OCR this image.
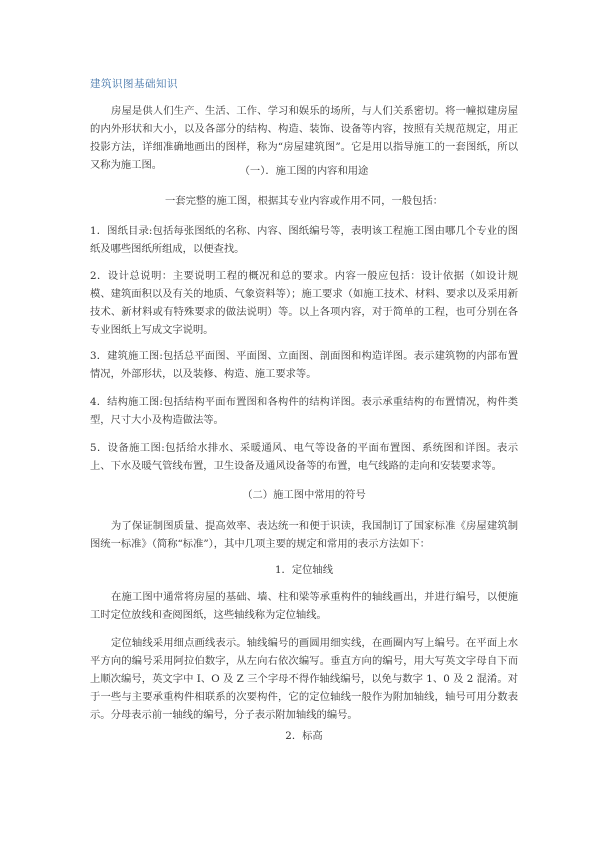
建筑识图基础知识
房屋是供人们生产、生活、工作、学习和娱乐的场所，与人们关系密切。将一幢拟建房屋的内外形状和大小，以及各部分的结构、构造、装饰、设备等内容，按照有关规范规定，用正投影方法，详细准确地画出的图样，称为“房屋建筑图”。它是用以指导施工的一套图纸，所以又称为施工图。	（一）．施工图的内容和用途
一套完整的施工图，根据其专业内容或作用不同，一般包括：
1．图纸目录:包括每张图纸的名称、内容、图纸编号等，表明该工程施工图由哪几个专业的图纸及哪些图纸所组成，以便查找。
2．设计总说明：主要说明工程的概况和总的要求。内容一般应包括：设计依据（如设计规模、建筑面积以及有关的地质、气象资料等）；施工要求（如施工技术、材料、要求以及采用新技术、新材料或有特殊要求的做法说明）等。以上各项内容，对于简单的工程，也可分别在各专业图纸上写成文字说明。
3．建筑施工图:包括总平面图、平面图、立面图、剖面图和构造详图。表示建筑物的内部布置情况，外部形状，以及装修、构造、施工要求等。
4．结构施工图:包括结构平面布置图和各构件的结构详图。表示承重结构的布置情况，构件类型，尺寸大小及构造做法等。
5．设备施工图:包括给水排水、采暖通风、电气等设备的平面布置图、系统图和详图。表示上、下水及暖气管线布置，卫生设备及通风设备等的布置，电气线路的走向和安装要求等。
（二）施工图中常用的符号
为了保证制图质量、提高效率、表达统一和便于识读，我国制订了国家标准《房屋建筑制图统一标准》（简称“标准”），其中几项主要的规定和常用的表示方法如下：
1．定位轴线
在施工图中通常将房屋的基础、墙、柱和梁等承重构件的轴线画出，并进行编号，以便施工时定位放线和查阅图纸，这些轴线称为定位轴线。
定位轴线采用细点画线表示。轴线编号的画圆用细实线，在画圈内写上编号。在平面上水平方向的编号采用阿拉伯数字，从左向右依次编写。垂直方向的编号，用大写英文字母自下而上顺次编号，英文字中 I、O 及 Z 三个字母不得作轴线编号，以免与数字 1、0 及 2 混淆。对于一些与主要承重构件相联系的次要构件，它的定位轴线一般作为附加轴线，轴号可用分数表示。分母表示前一轴线的编号，分子表示附加轴线的编号。
2．标高
